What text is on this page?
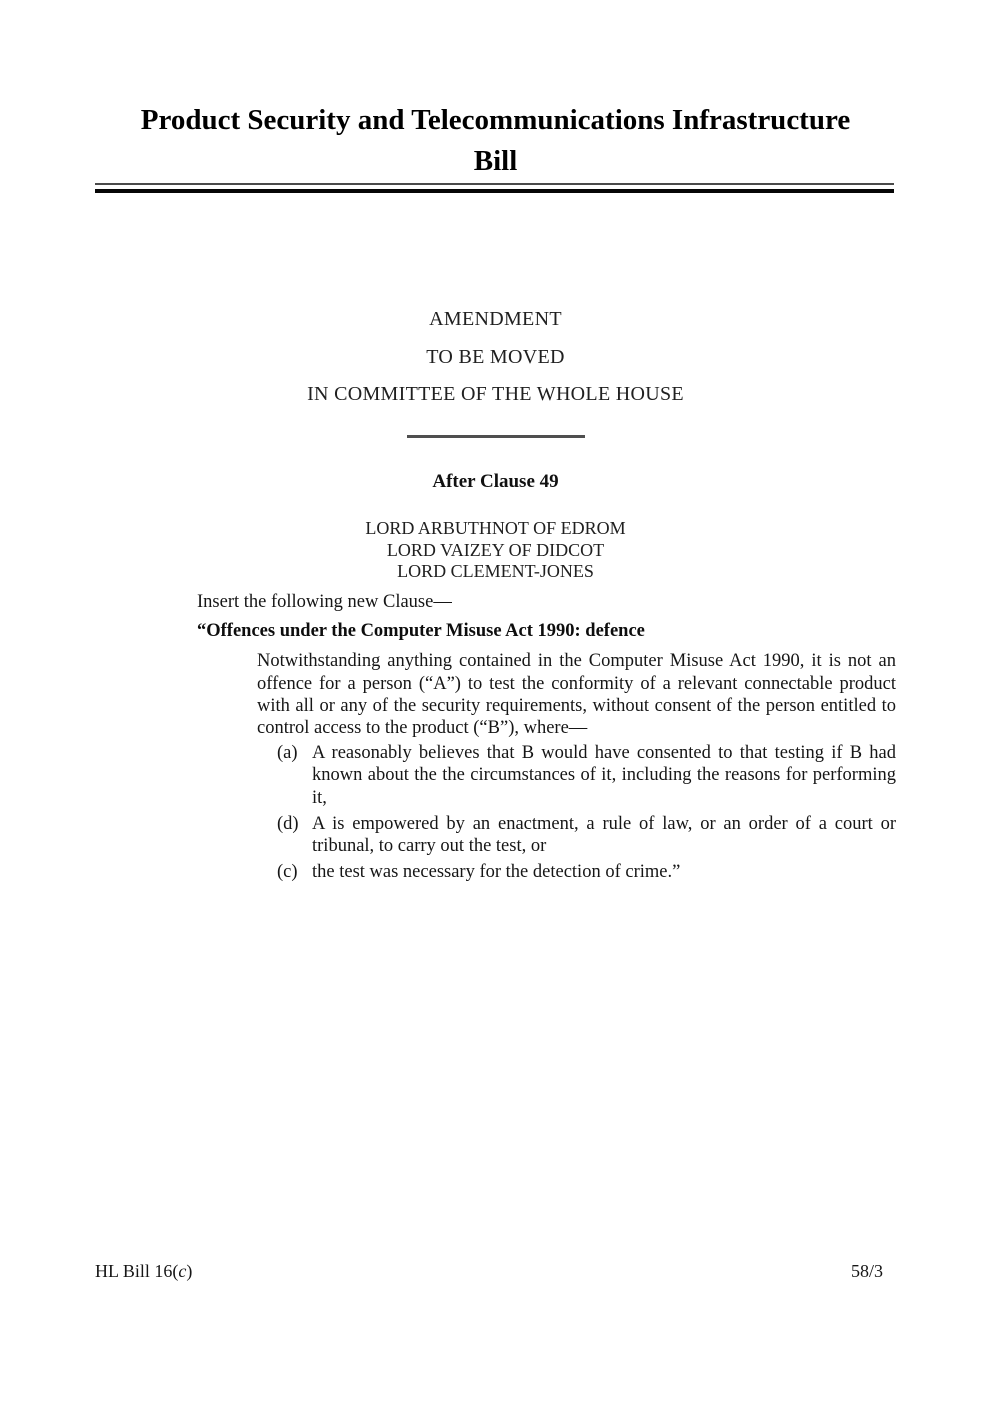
Product Security and Telecommunications Infrastructure
Bill
AMENDMENT
TO BE MOVED
IN COMMITTEE OF THE WHOLE HOUSE
After Clause 49
LORD ARBUTHNOT OF EDROM
LORD VAIZEY OF DIDCOT
LORD CLEMENT-JONES
Insert the following new Clause—
“Offences under the Computer Misuse Act 1990: defence
Notwithstanding anything contained in the Computer Misuse Act 1990, it is not an offence for a person (“A”) to test the conformity of a relevant connectable product with all or any of the security requirements, without consent of the person entitled to control access to the product (“B”), where—
(a) A reasonably believes that B would have consented to that testing if B had known about the the circumstances of it, including the reasons for performing it,
(d) A is empowered by an enactment, a rule of law, or an order of a court or tribunal, to carry out the test, or
(c) the test was necessary for the detection of crime.”
HL Bill 16(c)	58/3
